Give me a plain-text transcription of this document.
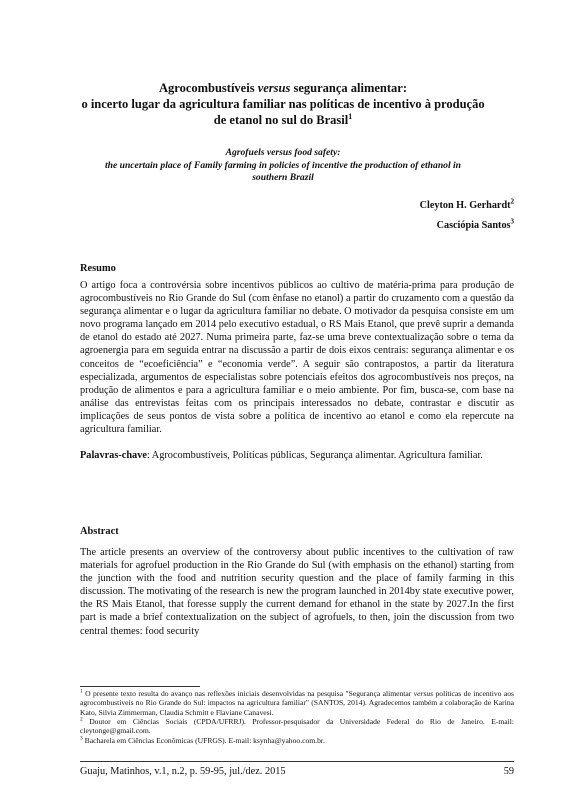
Agrocombustíveis versus segurança alimentar:
o incerto lugar da agricultura familiar nas políticas de incentivo à produção
de etanol no sul do Brasil$^1$
Agrofuels versus food safety:
the uncertain place of Family farming in policies of incentive the production of ethanol in
southern Brazil
Cleyton H. Gerhardt$^2$
Casciópia Santos$^3$
Resumo
O artigo foca a controvérsia sobre incentivos públicos ao cultivo de matéria-prima para produção de agrocombustíveis no Rio Grande do Sul (com ênfase no etanol) a partir do cruzamento com a questão da segurança alimentar e o lugar da agricultura familiar no debate. O motivador da pesquisa consiste em um novo programa lançado em 2014 pelo executivo estadual, o RS Mais Etanol, que prevê suprir a demanda de etanol do estado até 2027. Numa primeira parte, faz-se uma breve contextualização sobre o tema da agroenergia para em seguida entrar na discussão a partir de dois eixos centrais: segurança alimentar e os conceitos de “ecoeficiência” e “economia verde”. A seguir são contrapostos, a partir da literatura especializada, argumentos de especialistas sobre potenciais efeitos dos agrocombustíveis nos preços, na produção de alimentos e para a agricultura familiar e o meio ambiente. Por fim, busca-se, com base na análise das entrevistas feitas com os principais interessados no debate, contrastar e discutir as implicações de seus pontos de vista sobre a política de incentivo ao etanol e como ela repercute na agricultura familiar.
Palavras-chave: Agrocombustíveis, Políticas públicas, Segurança alimentar. Agricultura familiar.
Abstract
The article presents an overview of the controversy about public incentives to the cultivation of raw materials for agrofuel production in the Rio Grande do Sul (with emphasis on the ethanol) starting from the junction with the food and nutrition security question and the place of family farming in this discussion. The motivating of the research is new the program launched in 2014by state executive power, the RS Mais Etanol, that foresse supply the current demand for ethanol in the state by 2027.In the first part is made a brief contextualization on the subject of agrofuels, to then, join the discussion from two central themes: food security
$^1$ O presente texto resulta do avanço nas reflexões iniciais desenvolvidas na pesquisa "Segurança alimentar versus políticas de incentivo aos agrocombustíveis no Rio Grande do Sul: impactos na agricultura familiar" (SANTOS, 2014). Agradecemos também a colaboração de Karina Kato, Silvia Zimmerman, Claudia Schmitt e Flaviane Canavesi.
$^2$ Doutor em Ciências Sociais (CPDA/UFRRJ). Professor-pesquisador da Universidade Federal do Rio de Janeiro. E-mail: cleytonge@gmail.com.
$^3$ Bacharela em Ciências Econômicas (UFRGS). E-mail: ksynha@yahoo.com.br.
Guaju, Matinhos, v.1, n.2, p. 59-95, jul./dez. 2015	59
